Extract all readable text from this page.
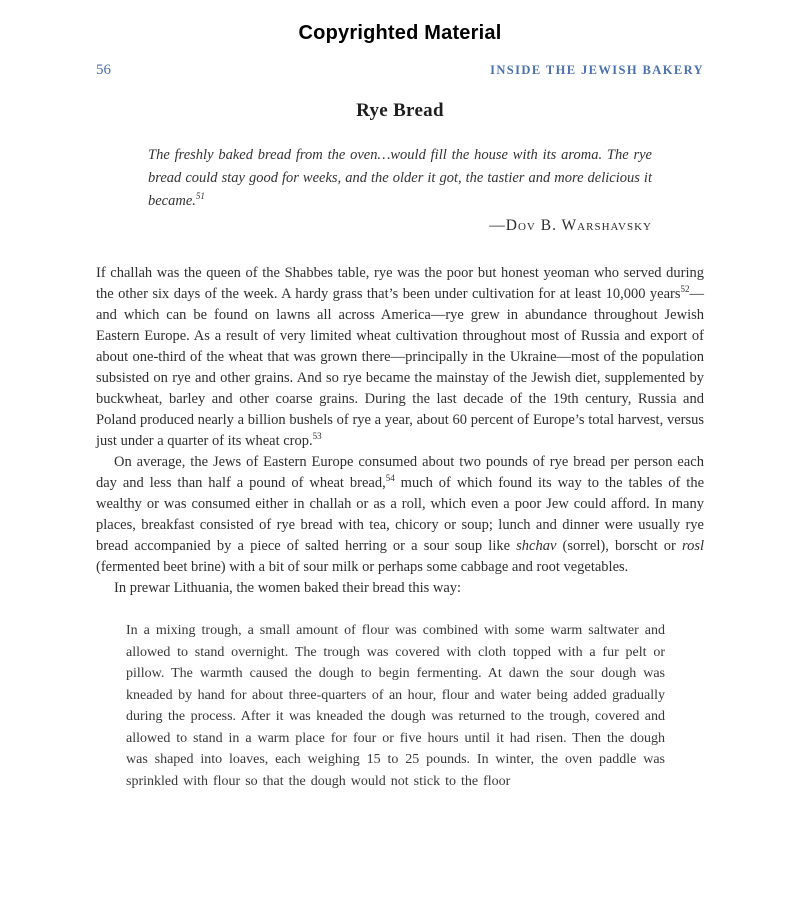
Copyrighted Material
56	INSIDE THE JEWISH BAKERY
Rye Bread

The freshly baked bread from the oven…would fill the house with its aroma. The rye bread could stay good for weeks, and the older it got, the tastier and more delicious it became.$^{51}$

—Dov B. Warshavsky

If challah was the queen of the Shabbes table, rye was the poor but honest yeoman who served during the other six days of the week. A hardy grass that’s been under cultivation for at least 10,000 years$^{52}$—and which can be found on lawns all across America—rye grew in abundance throughout Jewish Eastern Europe. As a result of very limited wheat cultivation throughout most of Russia and export of about one-third of the wheat that was grown there—principally in the Ukraine—most of the population subsisted on rye and other grains. And so rye became the mainstay of the Jewish diet, supplemented by buckwheat, barley and other coarse grains. During the last decade of the 19th century, Russia and Poland produced nearly a billion bushels of rye a year, about 60 percent of Europe’s total harvest, versus just under a quarter of its wheat crop.$^{53}$

On average, the Jews of Eastern Europe consumed about two pounds of rye bread per person each day and less than half a pound of wheat bread,$^{54}$ much of which found its way to the tables of the wealthy or was consumed either in challah or as a roll, which even a poor Jew could afford. In many places, breakfast consisted of rye bread with tea, chicory or soup; lunch and dinner were usually rye bread accompanied by a piece of salted herring or a sour soup like shchav (sorrel), borscht or rosl (fermented beet brine) with a bit of sour milk or perhaps some cabbage and root vegetables.

In prewar Lithuania, the women baked their bread this way:

In a mixing trough, a small amount of flour was combined with some warm saltwater and allowed to stand overnight. The trough was covered with cloth topped with a fur pelt or pillow. The warmth caused the dough to begin fermenting. At dawn the sour dough was kneaded by hand for about three-quarters of an hour, flour and water being added gradually during the process. After it was kneaded the dough was returned to the trough, covered and allowed to stand in a warm place for four or five hours until it had risen. Then the dough was shaped into loaves, each weighing 15 to 25 pounds. In winter, the oven paddle was sprinkled with flour so that the dough would not stick to the floor
